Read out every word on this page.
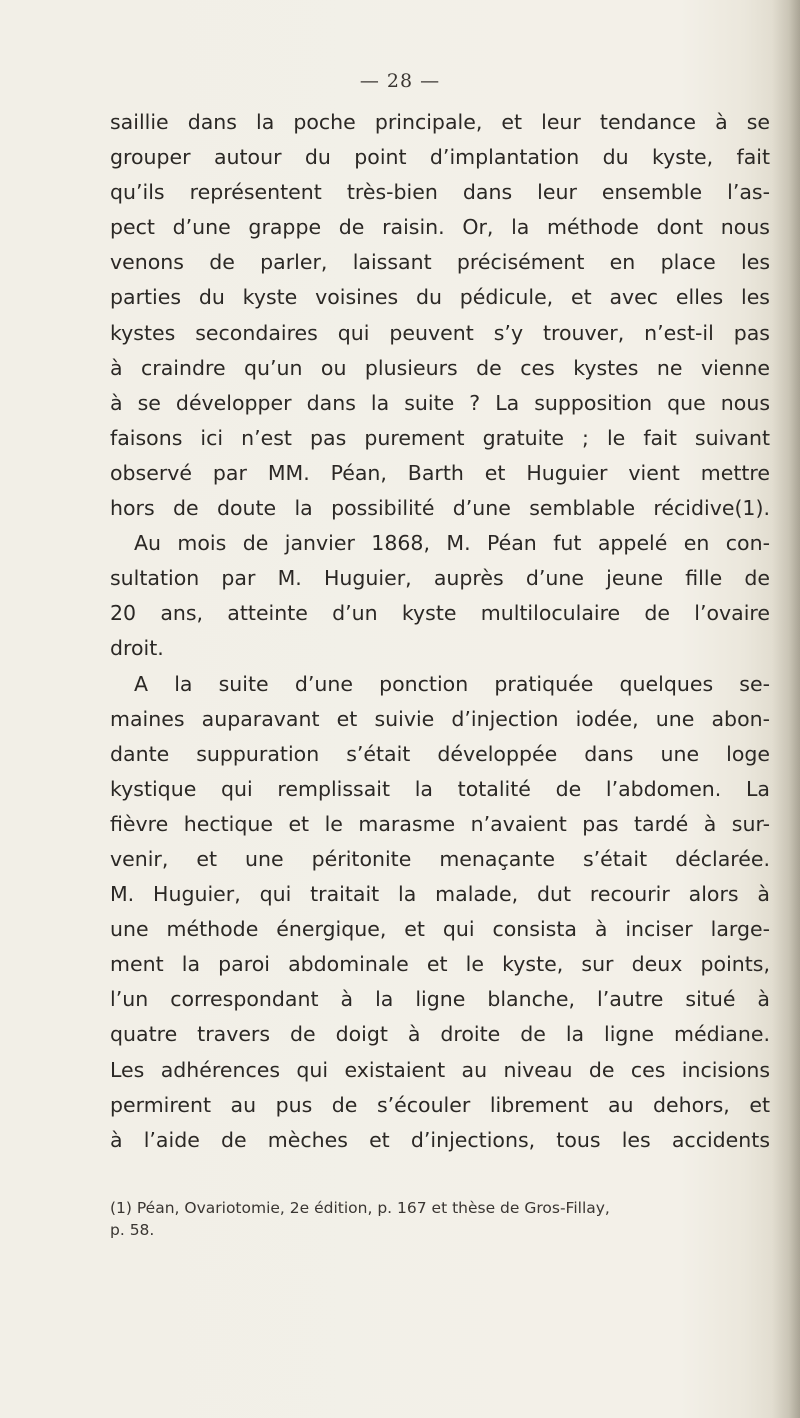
— 28 —
saillie dans la poche principale, et leur tendance à se
grouper autour du point d’implantation du kyste, fait
qu’ils représentent très-bien dans leur ensemble l’as-
pect d’une grappe de raisin. Or, la méthode dont nous
venons de parler, laissant précisément en place les
parties du kyste voisines du pédicule, et avec elles les
kystes secondaires qui peuvent s’y trouver, n’est-il pas
à craindre qu’un ou plusieurs de ces kystes ne vienne
à se développer dans la suite ? La supposition que nous
faisons ici n’est pas purement gratuite ; le fait suivant
observé par MM. Péan, Barth et Huguier vient mettre
hors de doute la possibilité d’une semblable récidive(1).
Au mois de janvier 1868, M. Péan fut appelé en con-
sultation par M. Huguier, auprès d’une jeune fille de
20 ans, atteinte d’un kyste multiloculaire de l’ovaire
droit.
A la suite d’une ponction pratiquée quelques se-
maines auparavant et suivie d’injection iodée, une abon-
dante suppuration s’était développée dans une loge
kystique qui remplissait la totalité de l’abdomen. La
fièvre hectique et le marasme n’avaient pas tardé à sur-
venir, et une péritonite menaçante s’était déclarée.
M. Huguier, qui traitait la malade, dut recourir alors à
une méthode énergique, et qui consista à inciser large-
ment la paroi abdominale et le kyste, sur deux points,
l’un correspondant à la ligne blanche, l’autre situé à
quatre travers de doigt à droite de la ligne médiane.
Les adhérences qui existaient au niveau de ces incisions
permirent au pus de s’écouler librement au dehors, et
à l’aide de mèches et d’injections, tous les accidents
(1) Péan, Ovariotomie, 2e édition, p. 167 et thèse de Gros-Fillay,
p. 58.
